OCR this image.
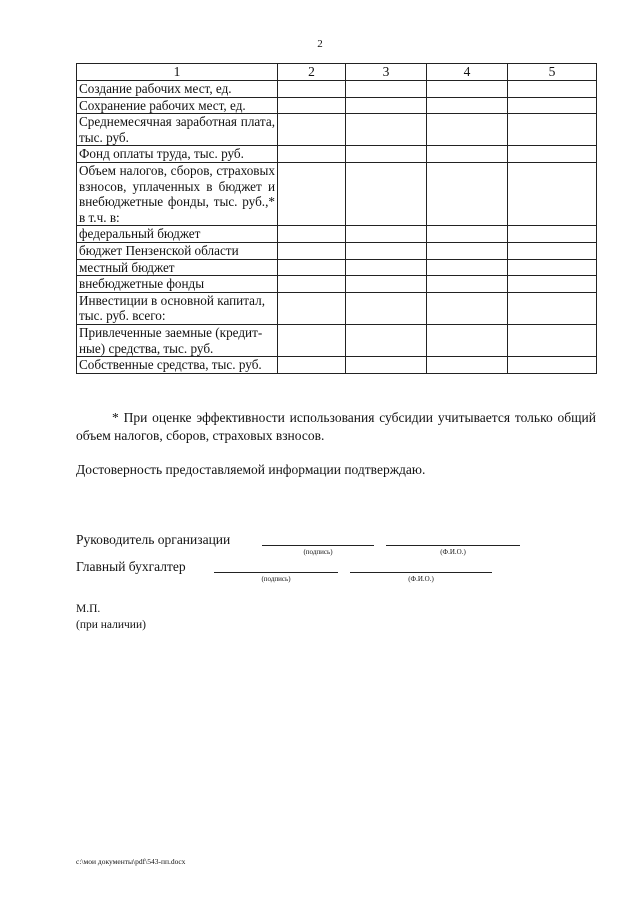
2
1	2	3	4	5
Создание рабочих мест, ед.				
Сохранение рабочих мест, ед.				
Среднемесячная заработная плата, тыс. руб.				
Фонд оплаты труда, тыс. руб.				
Объем налогов, сборов, страховых взносов, уплаченных в бюджет и внебюджетные фонды, тыс. руб.,* в т.ч. в:				
федеральный бюджет				
бюджет Пензенской области				
местный бюджет				
внебюджетные фонды				
Инвестиции в основной капитал, тыс. руб. всего:				
Привлеченные заемные (кредит-ные) средства, тыс. руб.				
Собственные средства, тыс. руб.				
* При оценке эффективности использования субсидии учитывается только общий объем налогов, сборов, страховых взносов.
Достоверность предоставляемой информации подтверждаю.
Руководитель организации
(подпись)	(Ф.И.О.)
Главный бухгалтер
(подпись)	(Ф.И.О.)
М.П.
(при наличии)
c:\мои документы\pdf\543-пп.docx
